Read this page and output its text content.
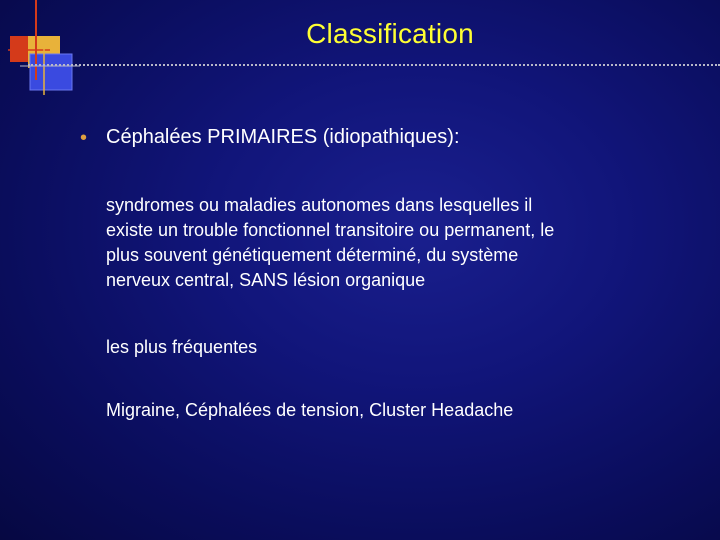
Classification
• Céphalées PRIMAIRES (idiopathiques):
syndromes ou maladies autonomes dans lesquelles il
existe un trouble fonctionnel transitoire ou permanent, le
plus souvent génétiquement déterminé, du système
nerveux central, SANS lésion organique
les plus fréquentes
Migraine, Céphalées de tension, Cluster Headache
